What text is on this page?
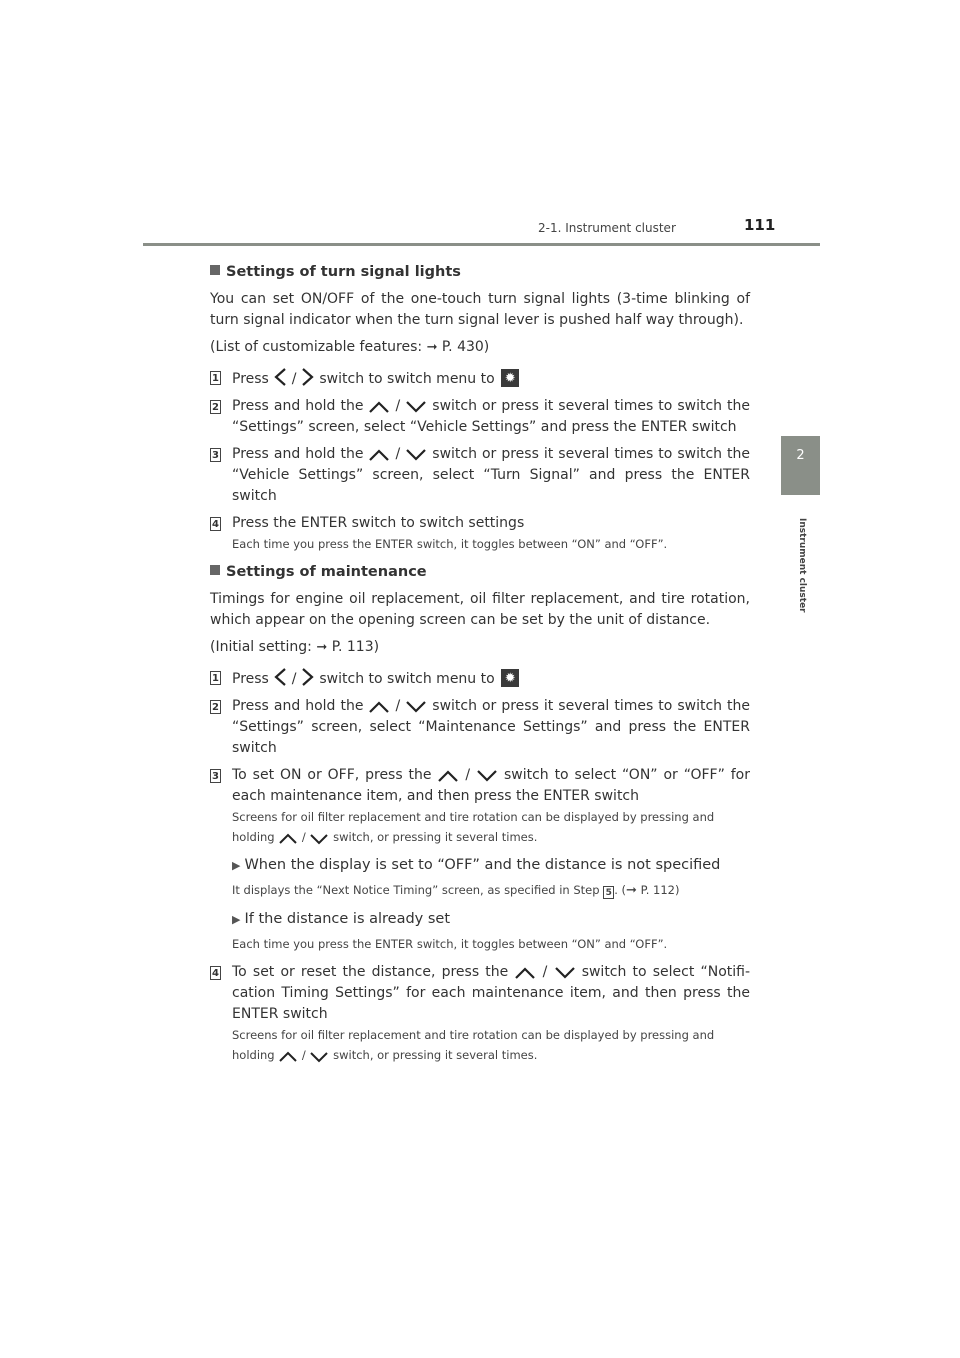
2-1. Instrument cluster	111
2
Instrument cluster
Settings of turn signal lights
You can set ON/OFF of the one-touch turn signal lights (3-time blinking of turn signal indicator when the turn signal lever is pushed half way through).
(List of customizable features: ➞ P. 430)
1 Press / switch to switch menu to ✹
2 Press and hold the / switch or press it several times to switch the “Settings” screen, select “Vehicle Settings” and press the ENTER switch
3 Press and hold the / switch or press it several times to switch the “Vehicle Settings” screen, select “Turn Signal” and press the ENTER switch
4 Press the ENTER switch to switch settings
Each time you press the ENTER switch, it toggles between “ON” and “OFF”.
Settings of maintenance
Timings for engine oil replacement, oil filter replacement, and tire rotation, which appear on the opening screen can be set by the unit of distance.
(Initial setting: ➞ P. 113)
1 Press / switch to switch menu to ✹
2 Press and hold the / switch or press it several times to switch the “Settings” screen, select “Maintenance Settings” and press the ENTER switch
3 To set ON or OFF, press the / switch to select “ON” or “OFF” for each maintenance item, and then press the ENTER switch
Screens for oil filter replacement and tire rotation can be displayed by pressing and holding / switch, or pressing it several times.
▶ When the display is set to “OFF” and the distance is not specified
It displays the “Next Notice Timing” screen, as specified in Step 5 . (➞ P. 112)
▶ If the distance is already set
Each time you press the ENTER switch, it toggles between “ON” and “OFF”.
4 To set or reset the distance, press the / switch to select “Notifi-cation Timing Settings” for each maintenance item, and then press the ENTER switch
Screens for oil filter replacement and tire rotation can be displayed by pressing and holding / switch, or pressing it several times.
